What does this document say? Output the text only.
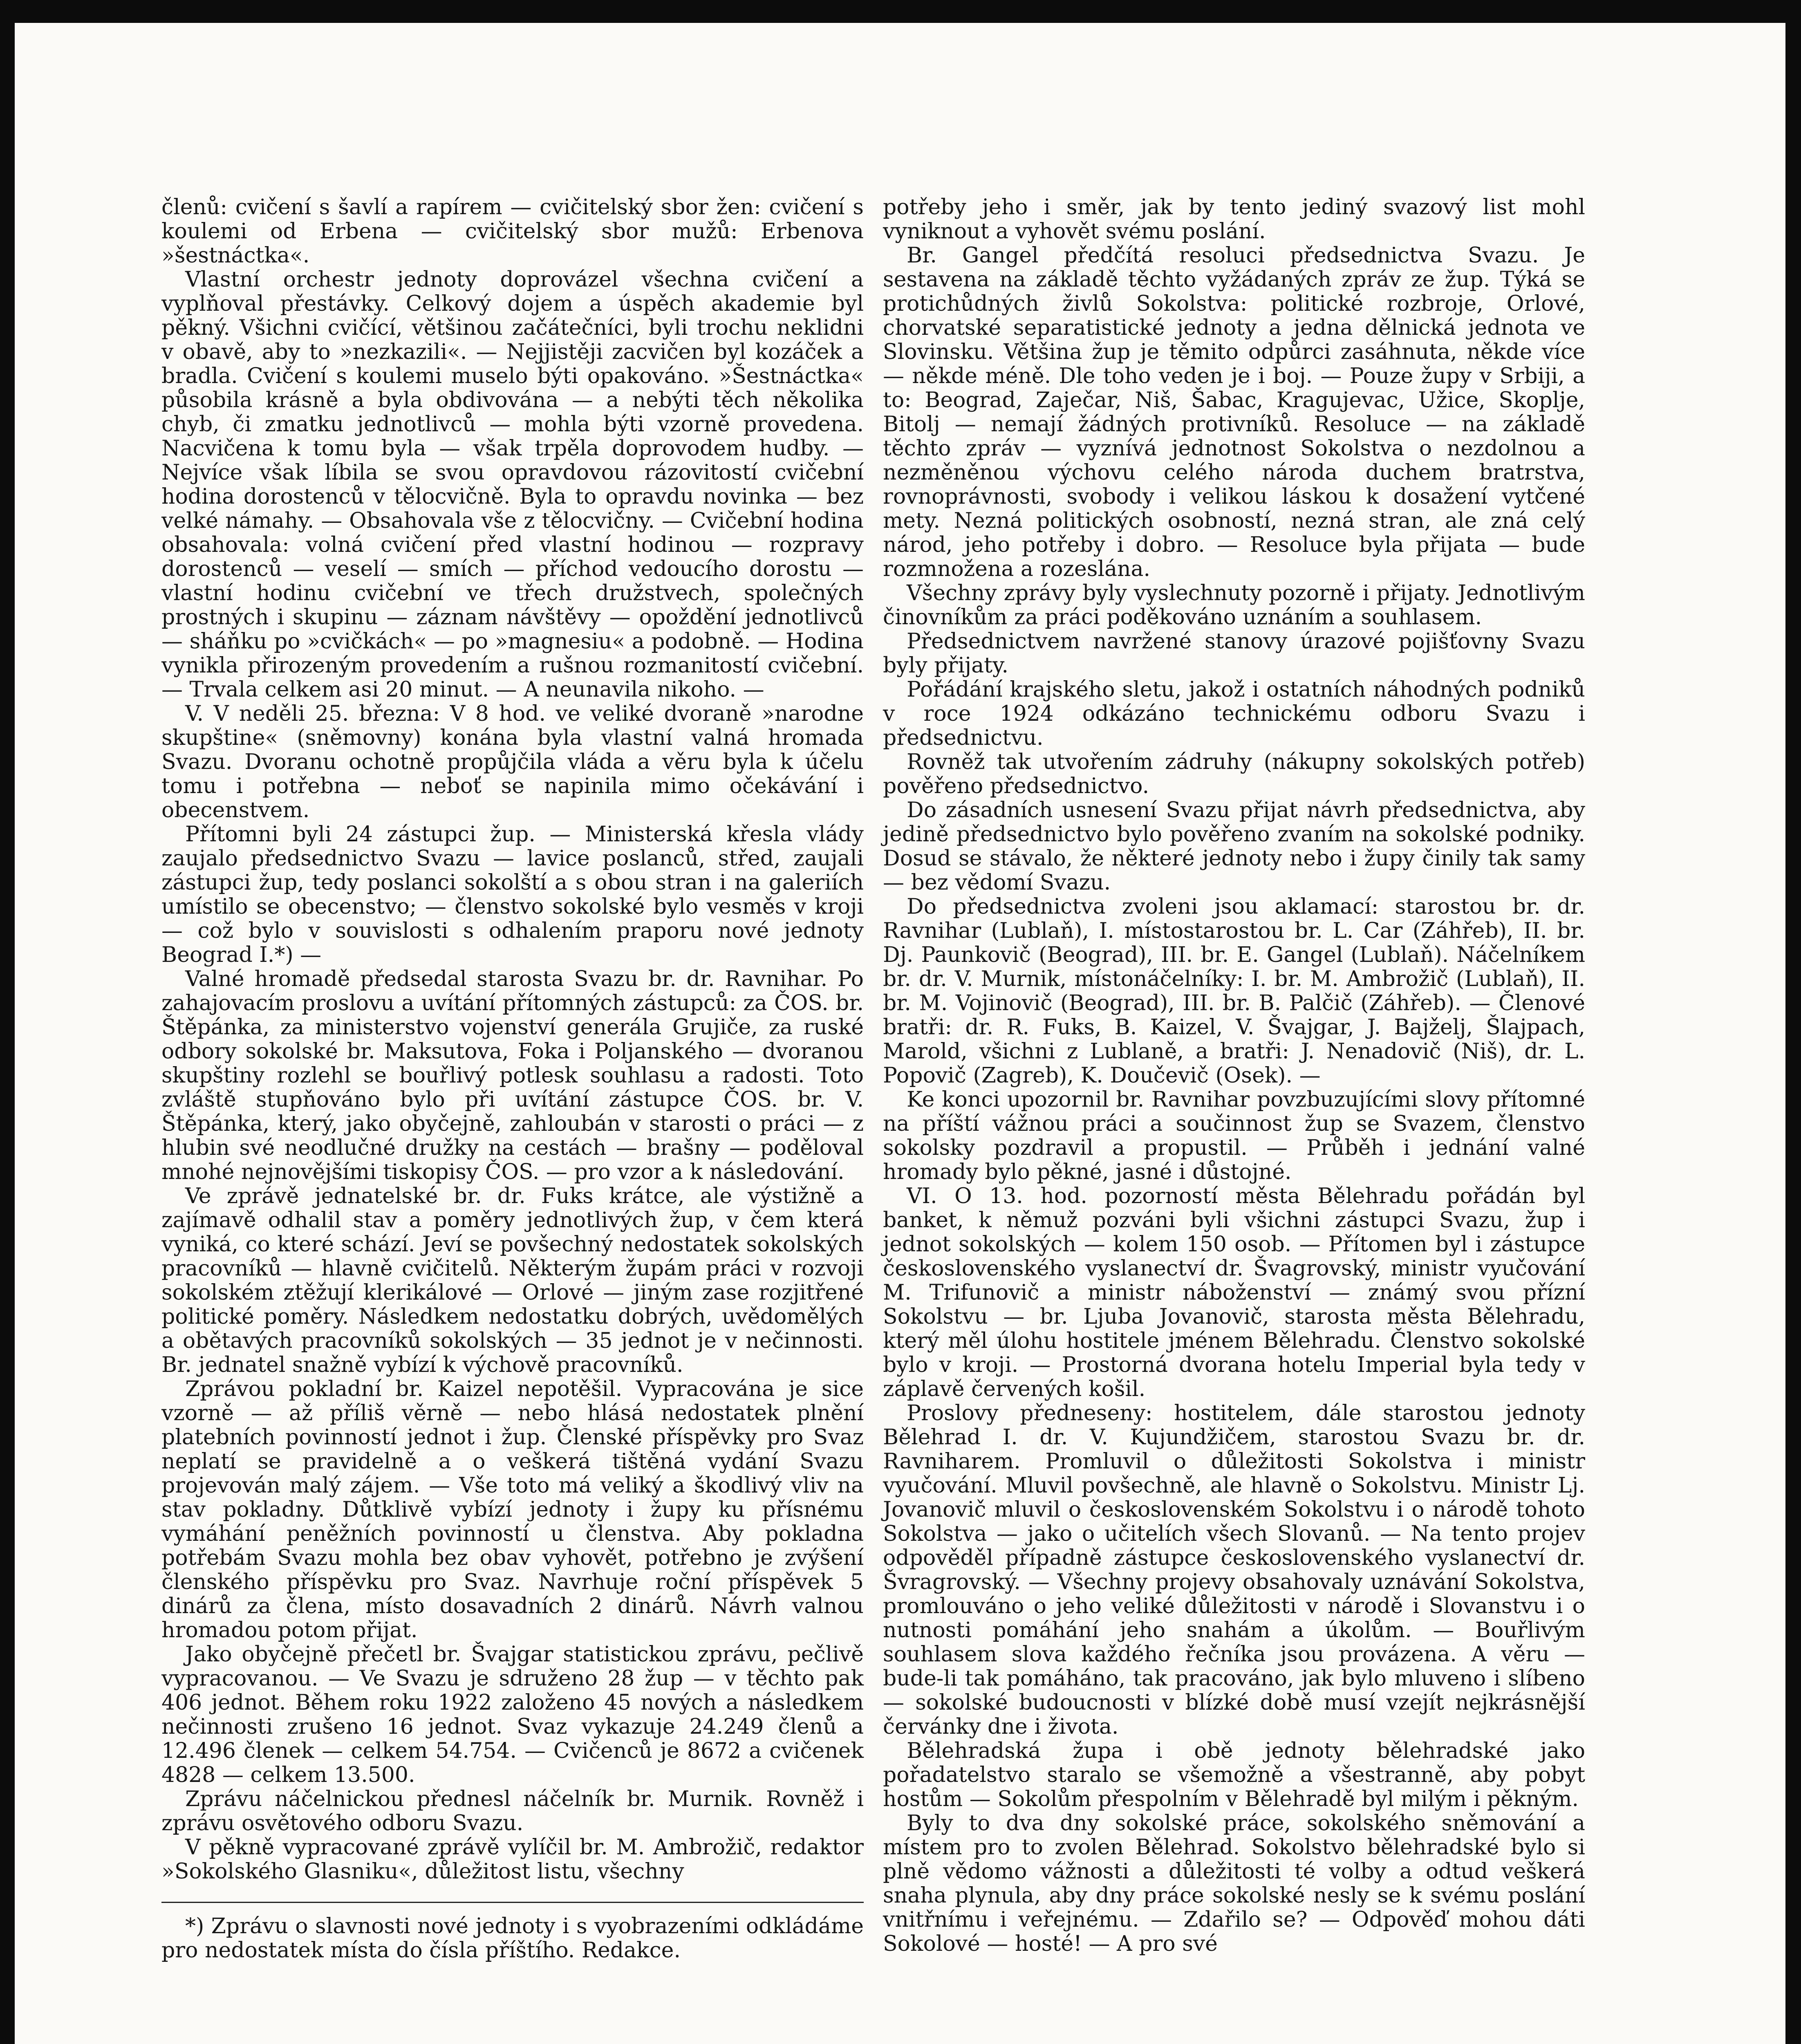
členů: cvičení s šavlí a rapírem — cvičitelský sbor žen: cvičení s koulemi od Erbena — cvičitelský sbor mužů: Erbenova »šestnáctka«.

Vlastní orchestr jednoty doprovázel všechna cvičení a vyplňoval přestávky. Celkový dojem a úspěch akademie byl pěkný. Všichni cvičící, většinou začátečníci, byli trochu neklidni v obavě, aby to »nezkazili«. — Nejjistěji zacvičen byl kozáček a bradla. Cvičení s koulemi muselo býti opakováno. »Šestnáctka« působila krásně a byla obdivována — a nebýti těch několika chyb, či zmatku jednotlivců — mohla býti vzorně provedena. Nacvičena k tomu byla — však trpěla doprovodem hudby. — Nejvíce však líbila se svou opravdovou rázovitostí cvičební hodina dorostenců v tělocvičně. Byla to opravdu novinka — bez velké námahy. — Obsahovala vše z tělocvičny. — Cvičební hodina obsahovala: volná cvičení před vlastní hodinou — rozpravy dorostenců — veselí — smích — příchod vedoucího dorostu — vlastní hodinu cvičební ve třech družstvech, společných prostných i skupinu — záznam návštěvy — opoždění jednotlivců — sháňku po »cvičkách« — po »magnesiu« a podobně. — Hodina vynikla přirozeným provedením a rušnou rozmanitostí cvičební. — Trvala celkem asi 20 minut. — A neunavila nikoho. —

V. V neděli 25. března: V 8 hod. ve veliké dvoraně »narodne skupštine« (sněmovny) konána byla vlastní valná hromada Svazu. Dvoranu ochotně propůjčila vláda a věru byla k účelu tomu i potřebna — neboť se napinila mimo očekávání i obecenstvem.

Přítomni byli 24 zástupci žup. — Ministerská křesla vlády zaujalo předsednictvo Svazu — lavice poslanců, střed, zaujali zástupci žup, tedy poslanci sokolští a s obou stran i na galeriích umístilo se obecenstvo; — členstvo sokolské bylo vesměs v kroji — což bylo v souvislosti s odhalením praporu nové jednoty Beograd I.*) —

Valné hromadě předsedal starosta Svazu br. dr. Ravnihar. Po zahajovacím proslovu a uvítání přítomných zástupců: za ČOS. br. Štěpánka, za ministerstvo vojenství generála Grujiče, za ruské odbory sokolské br. Maksutova, Foka i Poljanského — dvoranou skupštiny rozlehl se bouřlivý potlesk souhlasu a radosti. Toto zvláště stupňováno bylo při uvítání zástupce ČOS. br. V. Štěpánka, který, jako obyčejně, zahloubán v starosti o práci — z hlubin své neodlučné družky na cestách — brašny — poděloval mnohé nejnovějšími tiskopisy ČOS. — pro vzor a k následování.

Ve zprávě jednatelské br. dr. Fuks krátce, ale výstižně a zajímavě odhalil stav a poměry jednotlivých žup, v čem která vyniká, co které schází. Jeví se povšechný nedostatek sokolských pracovníků — hlavně cvičitelů. Některým župám práci v rozvoji sokolském ztěžují klerikálové — Orlové — jiným zase rozjitřené politické poměry. Následkem nedostatku dobrých, uvědomělých a obětavých pracovníků sokolských — 35 jednot je v nečinnosti. Br. jednatel snažně vybízí k výchově pracovníků.

Zprávou pokladní br. Kaizel nepotěšil. Vypracována je sice vzorně — až příliš věrně — nebo hlásá nedostatek plnění platebních povinností jednot i žup. Členské příspěvky pro Svaz neplatí se pravidelně a o veškerá tištěná vydání Svazu projevován malý zájem. — Vše toto má veliký a škodlivý vliv na stav pokladny. Důtklivě vybízí jednoty i župy ku přísnému vymáhání peněžních povinností u členstva. Aby pokladna potřebám Svazu mohla bez obav vyhovět, potřebno je zvýšení členského příspěvku pro Svaz. Navrhuje roční příspěvek 5 dinárů za člena, místo dosavadních 2 dinárů. Návrh valnou hromadou potom přijat.

Jako obyčejně přečetl br. Švajgar statistickou zprávu, pečlivě vypracovanou. — Ve Svazu je sdruženo 28 žup — v těchto pak 406 jednot. Během roku 1922 založeno 45 nových a následkem nečinnosti zrušeno 16 jednot. Svaz vykazuje 24.249 členů a 12.496 členek — celkem 54.754. — Cvičenců je 8672 a cvičenek 4828 — celkem 13.500.

Zprávu náčelnickou přednesl náčelník br. Murnik. Rovněž i zprávu osvětového odboru Svazu.

V pěkně vypracované zprávě vylíčil br. M. Ambrožič, redaktor »Sokolského Glasniku«, důležitost listu, všechny

*) Zprávu o slavnosti nové jednoty i s vyobrazeními odkládáme pro nedostatek místa do čísla příštího. Redakce.

potřeby jeho i směr, jak by tento jediný svazový list mohl vyniknout a vyhovět svému poslání.

Br. Gangel předčítá resoluci předsednictva Svazu. Je sestavena na základě těchto vyžádaných zpráv ze žup. Týká se protichůdných živlů Sokolstva: politické rozbroje, Orlové, chorvatské separatistické jednoty a jedna dělnická jednota ve Slovinsku. Většina žup je těmito odpůrci zasáhnuta, někde více — někde méně. Dle toho veden je i boj. — Pouze župy v Srbiji, a to: Beograd, Zaječar, Niš, Šabac, Kragujevac, Užice, Skoplje, Bitolj — nemají žádných protivníků. Resoluce — na základě těchto zpráv — vyznívá jednotnost Sokolstva o nezdolnou a nezměněnou výchovu celého národa duchem bratrstva, rovnoprávnosti, svobody i velikou láskou k dosažení vytčené mety. Nezná politických osobností, nezná stran, ale zná celý národ, jeho potřeby i dobro. — Resoluce byla přijata — bude rozmnožena a rozeslána.

Všechny zprávy byly vyslechnuty pozorně i přijaty. Jednotlivým činovníkům za práci poděkováno uznáním a souhlasem.

Předsednictvem navržené stanovy úrazové pojišťovny Svazu byly přijaty.

Pořádání krajského sletu, jakož i ostatních náhodných podniků v roce 1924 odkázáno technickému odboru Svazu i předsednictvu.

Rovněž tak utvořením zádruhy (nákupny sokolských potřeb) pověřeno předsednictvo.

Do zásadních usnesení Svazu přijat návrh předsednictva, aby jedině předsednictvo bylo pověřeno zvaním na sokolské podniky. Dosud se stávalo, že některé jednoty nebo i župy činily tak samy — bez vědomí Svazu.

Do předsednictva zvoleni jsou aklamací: starostou br. dr. Ravnihar (Lublaň), I. místostarostou br. L. Car (Záhřeb), II. br. Dj. Paunkovič (Beograd), III. br. E. Gangel (Lublaň). Náčelníkem br. dr. V. Murnik, místonáčelníky: I. br. M. Ambrožič (Lublaň), II. br. M. Vojinovič (Beograd), III. br. B. Palčič (Záhřeb). — Členové bratři: dr. R. Fuks, B. Kaizel, V. Švajgar, J. Bajželj, Šlajpach, Marold, všichni z Lublaně, a bratři: J. Nenadovič (Niš), dr. L. Popovič (Zagreb), K. Doučevič (Osek). —

Ke konci upozornil br. Ravnihar povzbuzujícími slovy přítomné na příští vážnou práci a součinnost žup se Svazem, členstvo sokolsky pozdravil a propustil. — Průběh i jednání valné hromady bylo pěkné, jasné i důstojné.

VI. O 13. hod. pozorností města Bělehradu pořádán byl banket, k němuž pozváni byli všichni zástupci Svazu, žup i jednot sokolských — kolem 150 osob. — Přítomen byl i zástupce československého vyslanectví dr. Švagrovský, ministr vyučování M. Trifunovič a ministr náboženství — známý svou přízní Sokolstvu — br. Ljuba Jovanovič, starosta města Bělehradu, který měl úlohu hostitele jménem Bělehradu. Členstvo sokolské bylo v kroji. — Prostorná dvorana hotelu Imperial byla tedy v záplavě červených košil.

Proslovy předneseny: hostitelem, dále starostou jednoty Bělehrad I. dr. V. Kujundžičem, starostou Svazu br. dr. Ravniharem. Promluvil o důležitosti Sokolstva i ministr vyučování. Mluvil povšechně, ale hlavně o Sokolstvu. Ministr Lj. Jovanovič mluvil o československém Sokolstvu i o národě tohoto Sokolstva — jako o učitelích všech Slovanů. — Na tento projev odpověděl případně zástupce československého vyslanectví dr. Švragrovský. — Všechny projevy obsahovaly uznávání Sokolstva, promlouváno o jeho veliké důležitosti v národě i Slovanstvu i o nutnosti pomáhání jeho snahám a úkolům. — Bouřlivým souhlasem slova každého řečníka jsou provázena. A věru — bude-li tak pomáháno, tak pracováno, jak bylo mluveno i slíbeno — sokolské budoucnosti v blízké době musí vzejít nejkrásnější červánky dne i života.

Bělehradská župa i obě jednoty bělehradské jako pořadatelstvo staralo se všemožně a všestranně, aby pobyt hostům — Sokolům přespolním v Bělehradě byl milým i pěkným.

Byly to dva dny sokolské práce, sokolského sněmování a místem pro to zvolen Bělehrad. Sokolstvo bělehradské bylo si plně vědomo vážnosti a důležitosti té volby a odtud veškerá snaha plynula, aby dny práce sokolské nesly se k svému poslání vnitřnímu i veřejnému. — Zdařilo se? — Odpověď mohou dáti Sokolové — hosté! — A pro své
